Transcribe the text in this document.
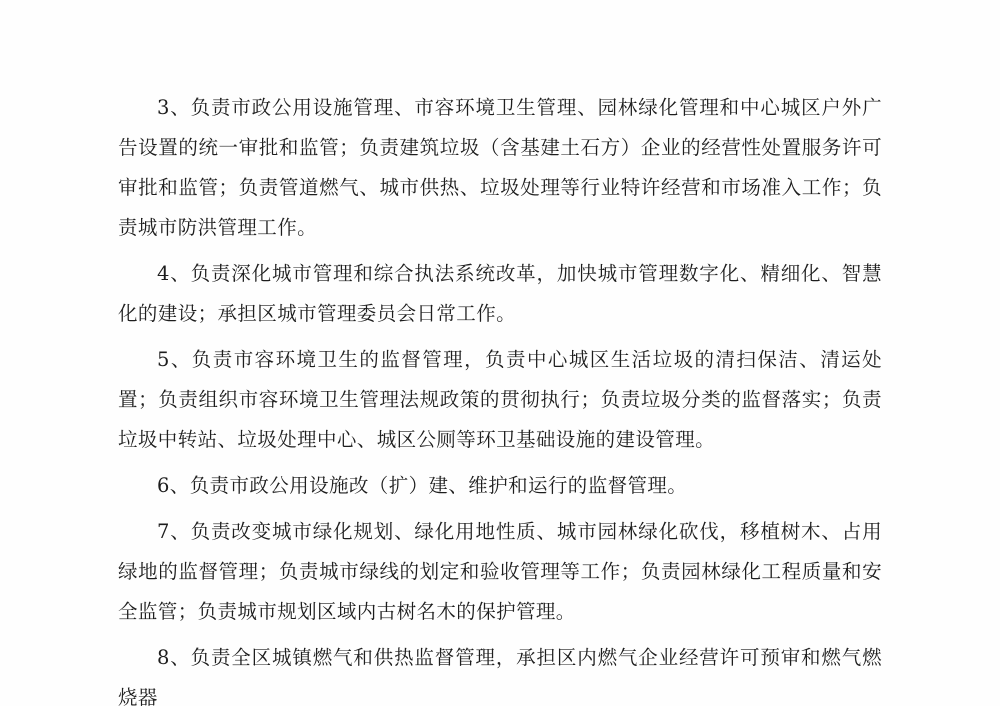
3、负责市政公用设施管理、市容环境卫生管理、园林绿化管理和中心城区户外广告设置的统一审批和监管；负责建筑垃圾（含基建土石方）企业的经营性处置服务许可审批和监管；负责管道燃气、城市供热、垃圾处理等行业特许经营和市场准入工作；负责城市防洪管理工作。

4、负责深化城市管理和综合执法系统改革，加快城市管理数字化、精细化、智慧化的建设；承担区城市管理委员会日常工作。

5、负责市容环境卫生的监督管理，负责中心城区生活垃圾的清扫保洁、清运处置；负责组织市容环境卫生管理法规政策的贯彻执行；负责垃圾分类的监督落实；负责垃圾中转站、垃圾处理中心、城区公厕等环卫基础设施的建设管理。

6、负责市政公用设施改（扩）建、维护和运行的监督管理。

7、负责改变城市绿化规划、绿化用地性质、城市园林绿化砍伐，移植树木、占用绿地的监督管理；负责城市绿线的划定和验收管理等工作；负责园林绿化工程质量和安全监管；负责城市规划区域内古树名木的保护管理。

8、负责全区城镇燃气和供热监督管理，承担区内燃气企业经营许可预审和燃气燃烧器
